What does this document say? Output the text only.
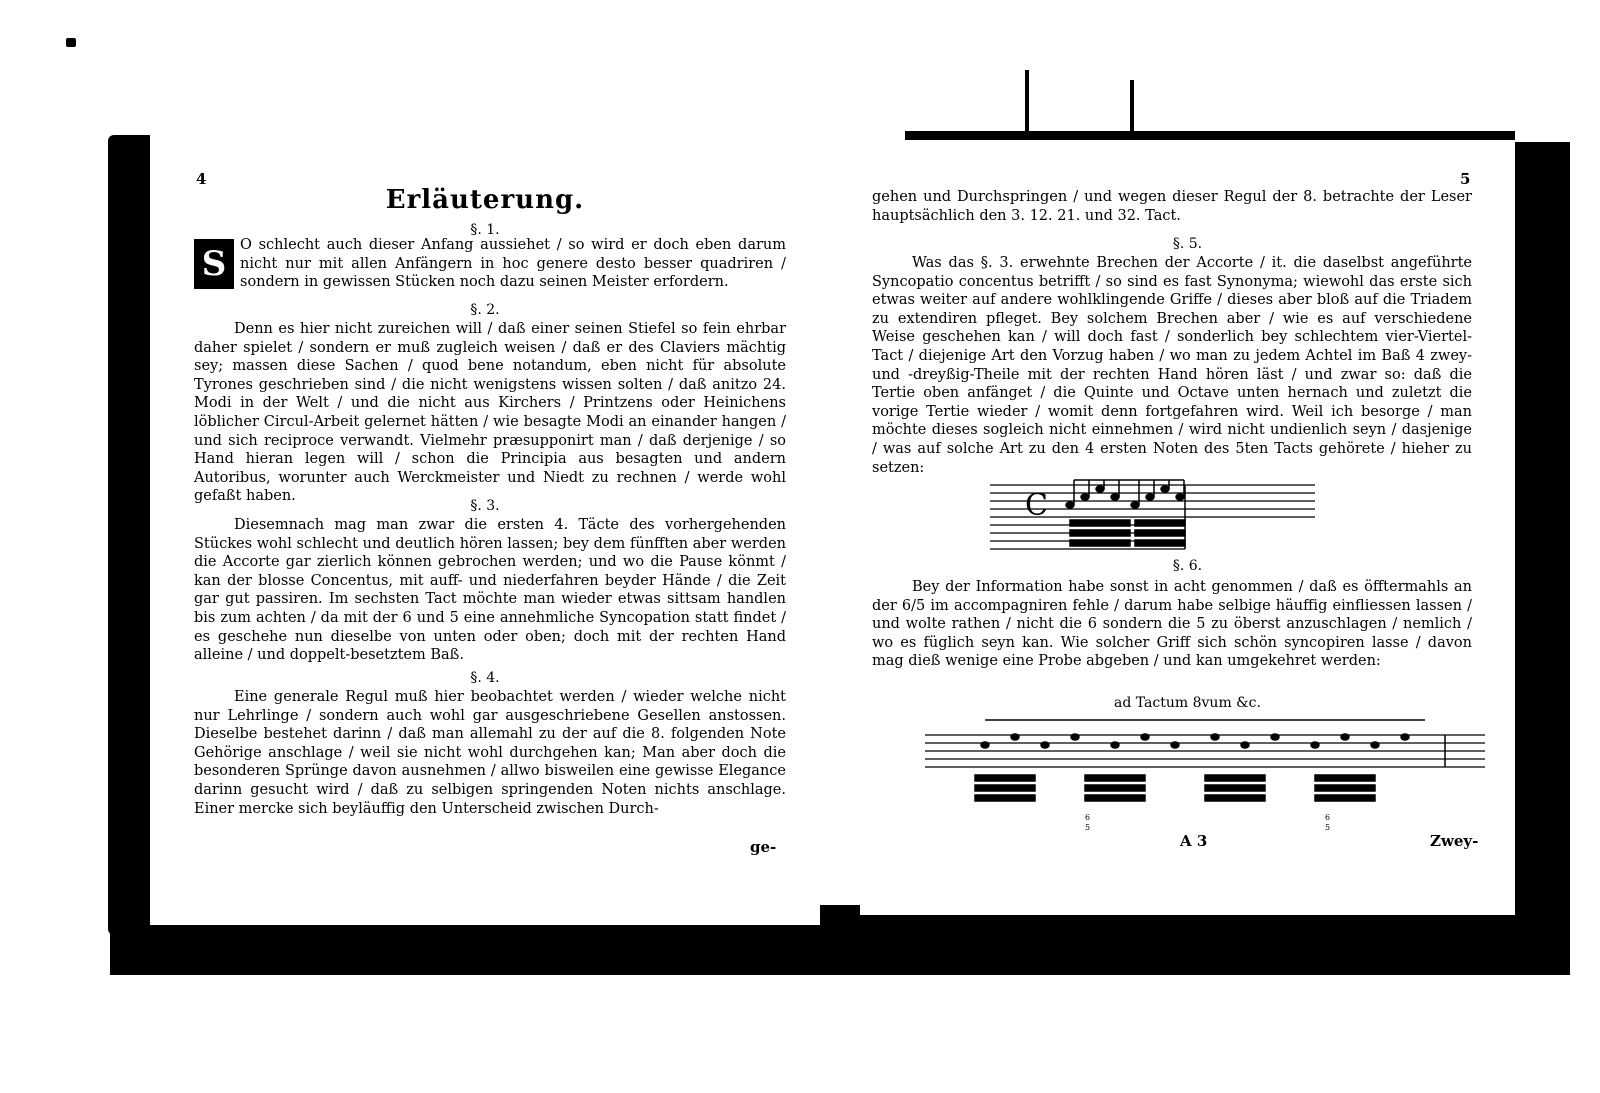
4
Erläuterung.
§. 1.
S O schlecht auch dieser Anfang aussiehet / so wird er doch eben darum nicht nur mit allen Anfängern in hoc genere desto besser quadriren / sondern in gewissen Stücken noch dazu seinen Meister erfordern.

§. 2.

Denn es hier nicht zureichen will / daß einer seinen Stiefel so fein ehrbar daher spielet / sondern er muß zugleich weisen / daß er des Claviers mächtig sey; massen diese Sachen / quod bene notandum, eben nicht für absolute Tyrones geschrieben sind / die nicht wenigstens wissen solten / daß anitzo 24. Modi in der Welt / und die nicht aus Kirchers / Printzens oder Heinichens löblicher Circul-Arbeit gelernet hätten / wie besagte Modi an einander hangen / und sich reciproce verwandt. Vielmehr præsupponirt man / daß derjenige / so Hand hieran legen will / schon die Principia aus besagten und andern Autoribus, worunter auch Werckmeister und Niedt zu rechnen / werde wohl gefaßt haben.

§. 3.

Diesemnach mag man zwar die ersten 4. Täcte des vorhergehenden Stückes wohl schlecht und deutlich hören lassen; bey dem fünfften aber werden die Accorte gar zierlich können gebrochen werden; und wo die Pause könmt / kan der blosse Concentus, mit auff- und niederfahren beyder Hände / die Zeit gar gut passiren. Im sechsten Tact möchte man wieder etwas sittsam handlen bis zum achten / da mit der 6 und 5 eine annehmliche Syncopation statt findet / es geschehe nun dieselbe von unten oder oben; doch mit der rechten Hand alleine / und doppelt-besetztem Baß.

§. 4.

Eine generale Regul muß hier beobachtet werden / wieder welche nicht nur Lehrlinge / sondern auch wohl gar ausgeschriebene Gesellen anstossen. Dieselbe bestehet darinn / daß man allemahl zu der auf die 8. folgenden Note Gehörige anschlage / weil sie nicht wohl durchgehen kan; Man aber doch die besonderen Sprünge davon ausnehmen / allwo bisweilen eine gewisse Elegance darinn gesucht wird / daß zu selbigen springenden Noten nichts anschlage. Einer mercke sich beyläuffig den Unterscheid zwischen Durch-

ge-
5

gehen und Durchspringen / und wegen dieser Regul der 8. betrachte der Leser hauptsächlich den 3. 12. 21. und 32. Tact.

§. 5.

Was das §. 3. erwehnte Brechen der Accorte / it. die daselbst angeführte Syncopatio concentus betrifft / so sind es fast Synonyma; wiewohl das erste sich etwas weiter auf andere wohlklingende Griffe / dieses aber bloß auf die Triadem zu extendiren pfleget. Bey solchem Brechen aber / wie es auf verschiedene Weise geschehen kan / will doch fast / sonderlich bey schlechtem vier-Viertel-Tact / diejenige Art den Vorzug haben / wo man zu jedem Achtel im Baß 4 zwey- und -dreyßig-Theile mit der rechten Hand hören läst / und zwar so: daß die Tertie oben anfänget / die Quinte und Octave unten hernach und zuletzt die vorige Tertie wieder / womit denn fortgefahren wird. Weil ich besorge / man möchte dieses sogleich nicht einnehmen / wird nicht undienlich seyn / dasjenige / was auf solche Art zu den 4 ersten Noten des 5ten Tacts gehörete / hieher zu setzen:

C
§. 6.

Bey der Information habe sonst in acht genommen / daß es öfftermahls an der 6/5 im accompagniren fehle / darum habe selbige häuffig einfliessen lassen / und wolte rathen / nicht die 6 sondern die 5 zu öberst anzuschlagen / nemlich / wo es füglich seyn kan. Wie solcher Griff sich schön syncopiren lasse / davon mag dieß wenige eine Probe abgeben / und kan umgekehret werden:

ad Tactum 8vum &c.
6
5
6
5
A 3	Zwey-
